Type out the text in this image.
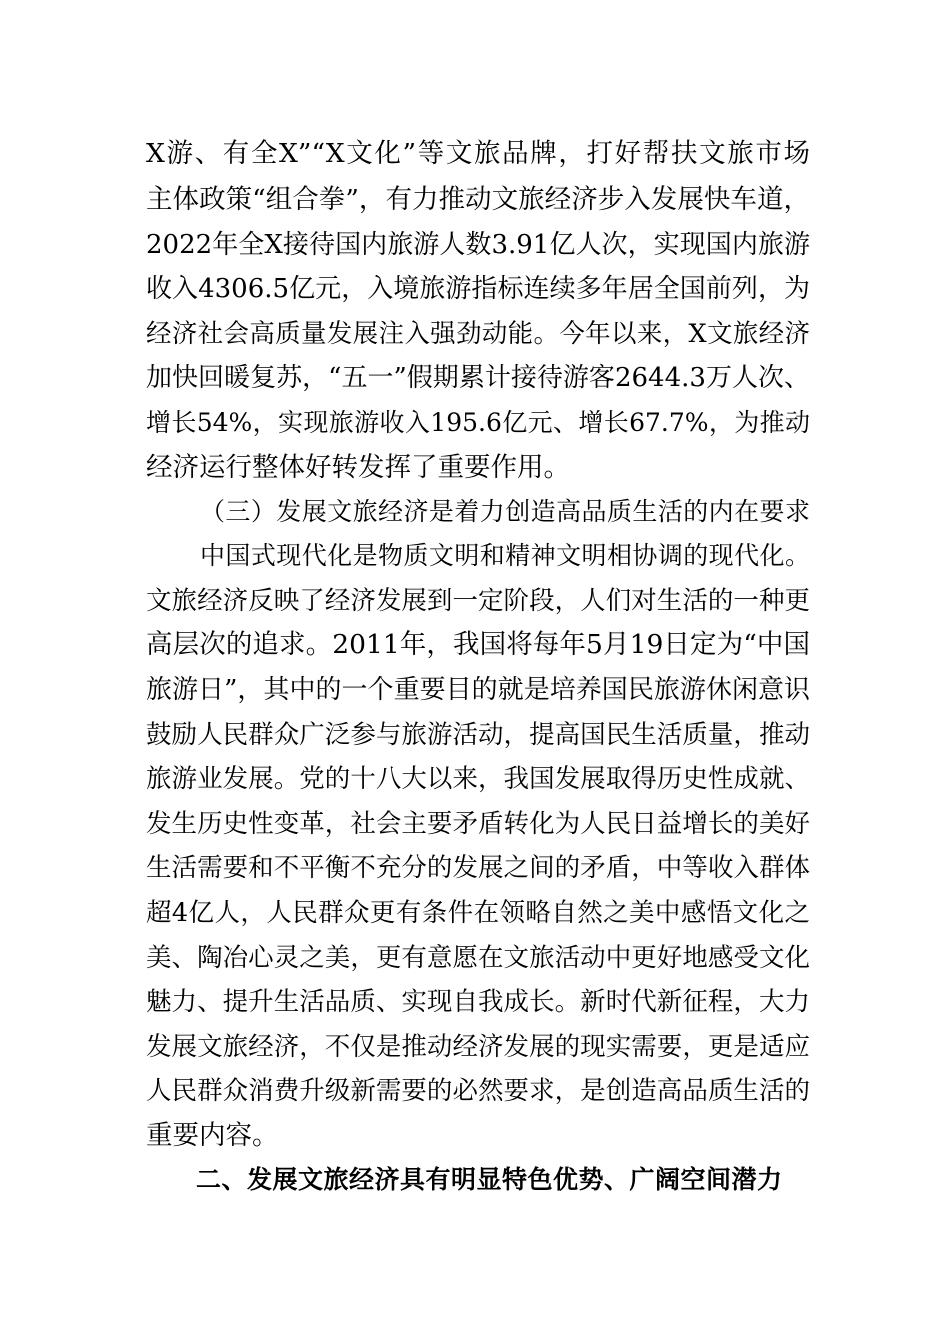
X游、有全X”“X文化”等文旅品牌，打好帮扶文旅市场
主体政策“组合拳”，有力推动文旅经济步入发展快车道，
2022年全X接待国内旅游人数3.91亿人次，实现国内旅游
收入4306.5亿元，入境旅游指标连续多年居全国前列，为
经济社会高质量发展注入强劲动能。今年以来，X文旅经济
加快回暖复苏，“五一”假期累计接待游客2644.3万人次、
增长54%，实现旅游收入195.6亿元、增长67.7%，为推动
经济运行整体好转发挥了重要作用。
（三）发展文旅经济是着力创造高品质生活的内在要求
中国式现代化是物质文明和精神文明相协调的现代化。
文旅经济反映了经济发展到一定阶段，人们对生活的一种更
高层次的追求。2011年，我国将每年5月19日定为“中国
旅游日”，其中的一个重要目的就是培养国民旅游休闲意识
鼓励人民群众广泛参与旅游活动，提高国民生活质量，推动
旅游业发展。党的十八大以来，我国发展取得历史性成就、
发生历史性变革，社会主要矛盾转化为人民日益增长的美好
生活需要和不平衡不充分的发展之间的矛盾，中等收入群体
超4亿人，人民群众更有条件在领略自然之美中感悟文化之
美、陶冶心灵之美，更有意愿在文旅活动中更好地感受文化
魅力、提升生活品质、实现自我成长。新时代新征程，大力
发展文旅经济，不仅是推动经济发展的现实需要，更是适应
人民群众消费升级新需要的必然要求，是创造高品质生活的
重要内容。
二、发展文旅经济具有明显特色优势、广阔空间潜力
